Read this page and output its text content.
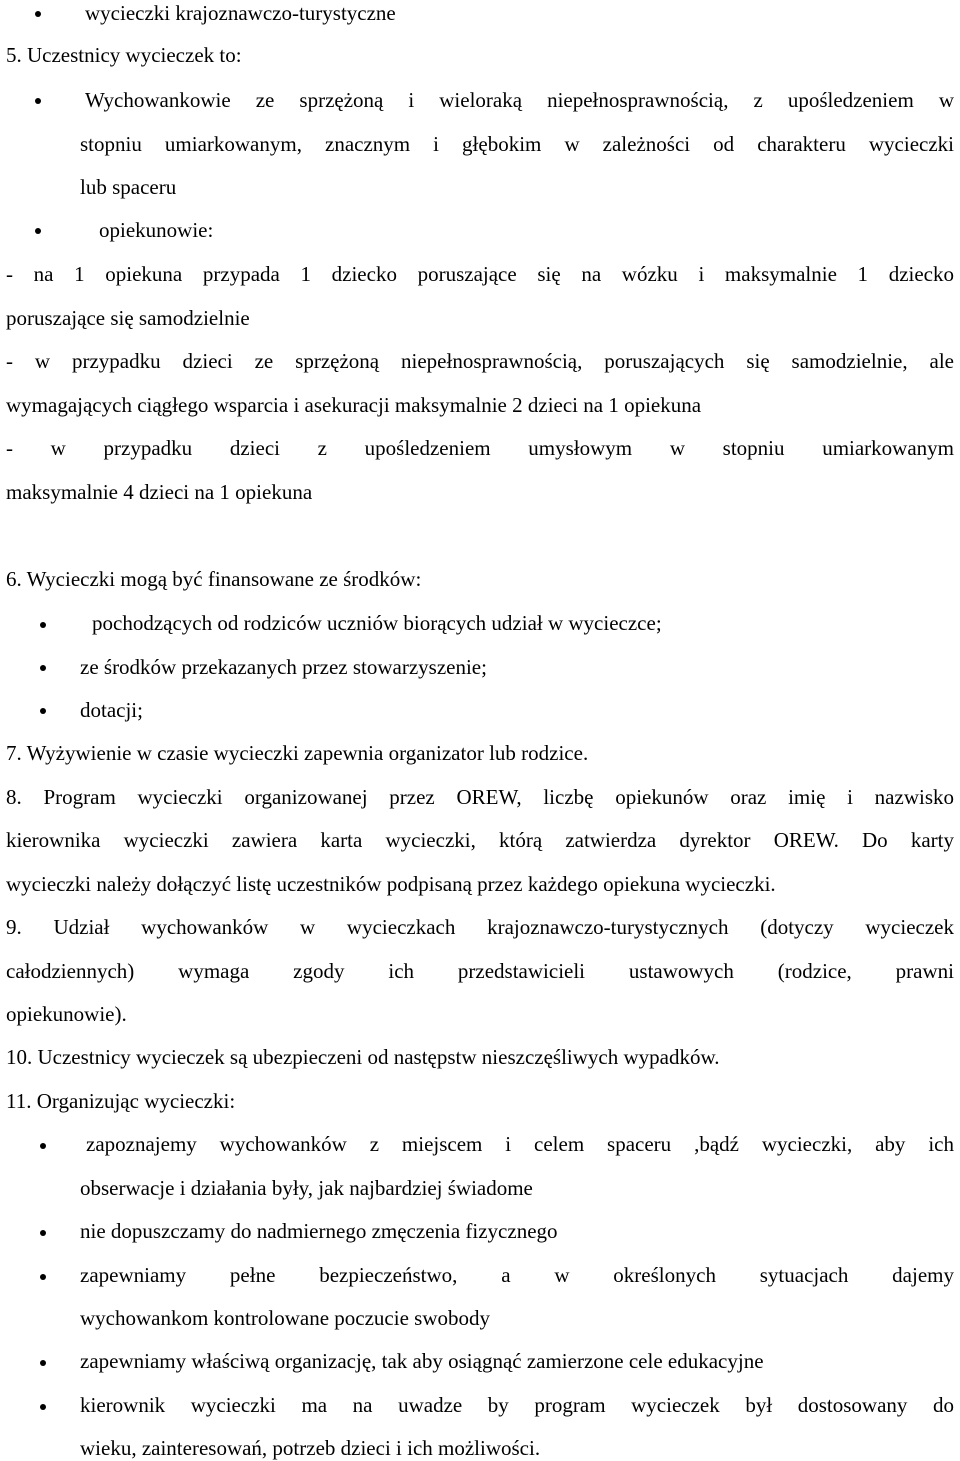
wycieczki krajoznawczo-turystyczne
5. Uczestnicy wycieczek to:
Wychowankowie ze sprzężoną i wieloraką niepełnosprawnością, z upośledzeniem w
stopniu umiarkowanym, znacznym i głębokim w zależności od charakteru wycieczki
lub spaceru
opiekunowie:
- na 1 opiekuna przypada 1 dziecko poruszające się na wózku i maksymalnie 1 dziecko
poruszające się samodzielnie
- w przypadku dzieci ze sprzężoną niepełnosprawnością, poruszających się samodzielnie, ale
wymagających ciągłego wsparcia i asekuracji maksymalnie 2 dzieci na 1 opiekuna
- w przypadku dzieci z upośledzeniem umysłowym w stopniu umiarkowanym
maksymalnie 4 dzieci na 1 opiekuna
6. Wycieczki mogą być finansowane ze środków:
pochodzących od rodziców uczniów biorących udział w wycieczce;
ze środków przekazanych przez stowarzyszenie;
dotacji;
7. Wyżywienie w czasie wycieczki zapewnia organizator lub rodzice.
8. Program wycieczki organizowanej przez OREW, liczbę opiekunów oraz imię i nazwisko
kierownika wycieczki zawiera karta wycieczki, którą zatwierdza dyrektor OREW. Do karty
wycieczki należy dołączyć listę uczestników podpisaną przez każdego opiekuna wycieczki.
9. Udział wychowanków w wycieczkach krajoznawczo-turystycznych (dotyczy wycieczek
całodziennych) wymaga zgody ich przedstawicieli ustawowych (rodzice, prawni
opiekunowie).
10. Uczestnicy wycieczek są ubezpieczeni od następstw nieszczęśliwych wypadków.
11. Organizując wycieczki:
zapoznajemy wychowanków z miejscem i celem spaceru ,bądź wycieczki, aby ich
obserwacje i działania były, jak najbardziej świadome
nie dopuszczamy do nadmiernego zmęczenia fizycznego
zapewniamy pełne bezpieczeństwo, a w określonych sytuacjach dajemy
wychowankom kontrolowane poczucie swobody
zapewniamy właściwą organizację, tak aby osiągnąć zamierzone cele edukacyjne
kierownik wycieczki ma na uwadze by program wycieczek był dostosowany do
wieku, zainteresowań, potrzeb dzieci i ich możliwości.
